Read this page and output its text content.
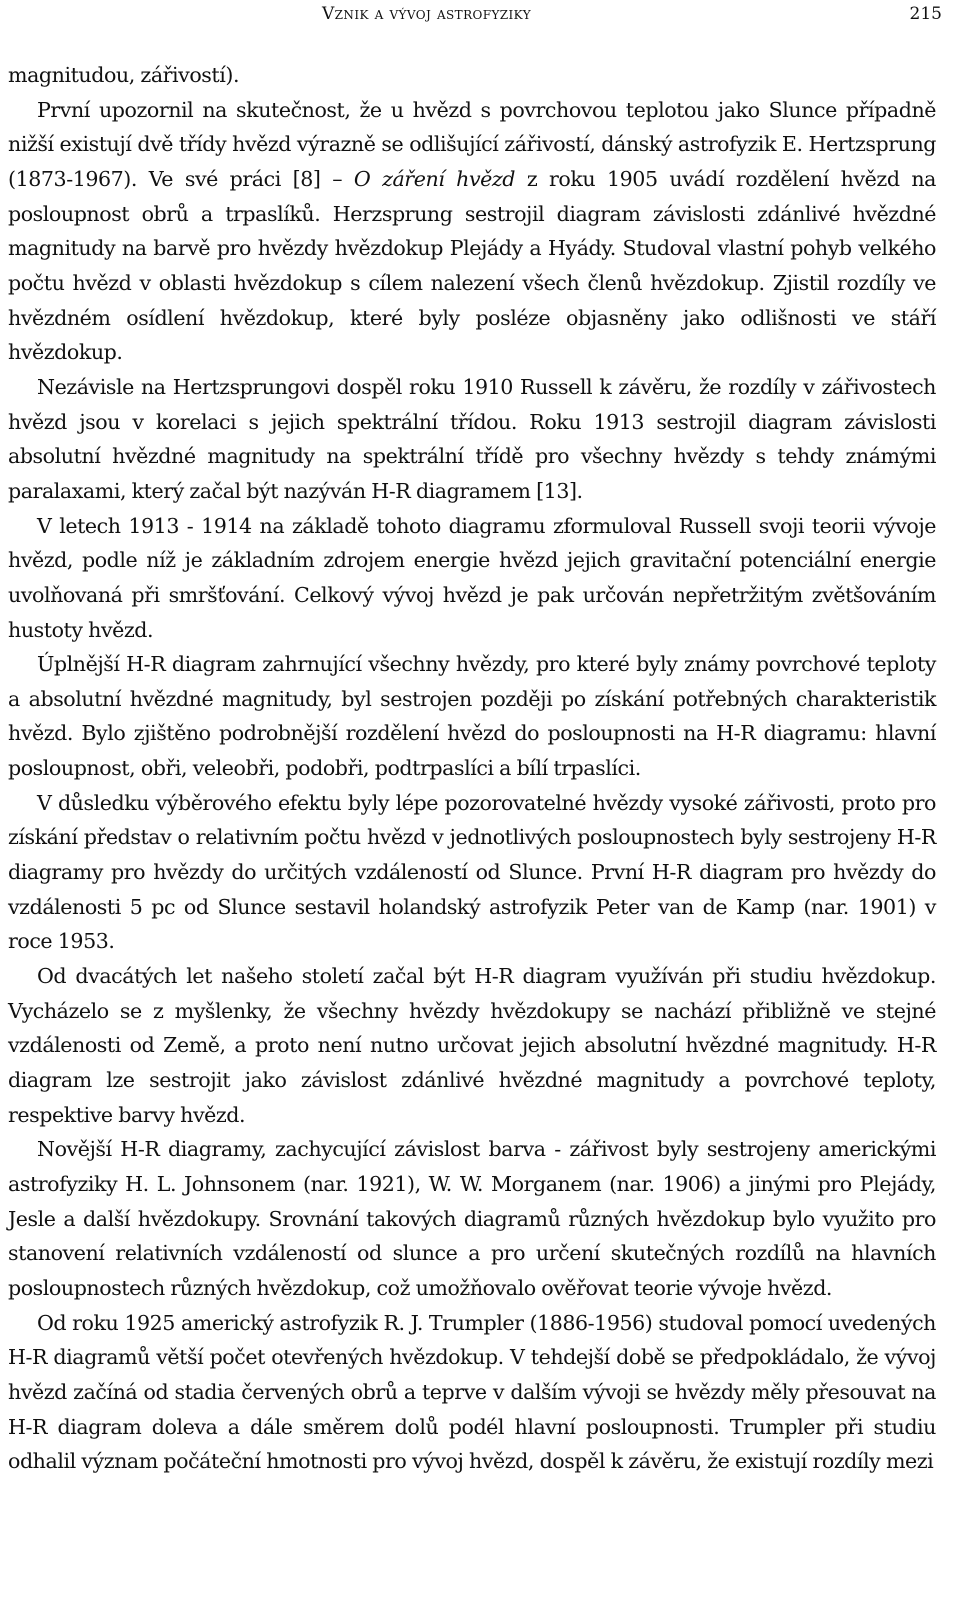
Vznik a vývoj astrofyziky	215

magnitudou, zářivostí).

První upozornil na skutečnost, že u hvězd s povrchovou teplotou jako Slunce případně nižší existují dvě třídy hvězd výrazně se odlišující zářivostí, dánský astrofyzik E. Hertzsprung (1873-1967). Ve své práci [8] – O záření hvězd z roku 1905 uvádí rozdělení hvězd na posloupnost obrů a trpaslíků. Herzsprung sestrojil diagram závislosti zdánlivé hvězdné magnitudy na barvě pro hvězdy hvězdokup Plejády a Hyády. Studoval vlastní pohyb velkého počtu hvězd v oblasti hvězdokup s cílem nalezení všech členů hvězdokup. Zjistil rozdíly ve hvězdném osídlení hvězdokup, které byly posléze objasněny jako odlišnosti ve stáří hvězdokup.

Nezávisle na Hertzsprungovi dospěl roku 1910 Russell k závěru, že rozdíly v zářivostech hvězd jsou v korelaci s jejich spektrální třídou. Roku 1913 sestrojil diagram závislosti absolutní hvězdné magnitudy na spektrální třídě pro všechny hvězdy s tehdy známými paralaxami, který začal být nazýván H-R diagramem [13].

V letech 1913 - 1914 na základě tohoto diagramu zformuloval Russell svoji teorii vývoje hvězd, podle níž je základním zdrojem energie hvězd jejich gravitační potenciální energie uvolňovaná při smršťování. Celkový vývoj hvězd je pak určován nepřetržitým zvětšováním hustoty hvězd.

Úplnější H-R diagram zahrnující všechny hvězdy, pro které byly známy povrchové teploty a absolutní hvězdné magnitudy, byl sestrojen později po získání potřebných charakteristik hvězd. Bylo zjištěno podrobnější rozdělení hvězd do posloupnosti na H-R diagramu: hlavní posloupnost, obři, veleobři, podobři, podtrpaslíci a bílí trpaslíci.

V důsledku výběrového efektu byly lépe pozorovatelné hvězdy vysoké zářivosti, proto pro získání představ o relativním počtu hvězd v jednotlivých posloupnostech byly sestrojeny H-R diagramy pro hvězdy do určitých vzdáleností od Slunce. První H-R diagram pro hvězdy do vzdálenosti 5 pc od Slunce sestavil holandský astrofyzik Peter van de Kamp (nar. 1901) v roce 1953.

Od dvacátých let našeho století začal být H-R diagram využíván při studiu hvězdokup. Vycházelo se z myšlenky, že všechny hvězdy hvězdokupy se nachází přibližně ve stejné vzdálenosti od Země, a proto není nutno určovat jejich absolutní hvězdné magnitudy. H-R diagram lze sestrojit jako závislost zdánlivé hvězdné magnitudy a povrchové teploty, respektive barvy hvězd.

Novější H-R diagramy, zachycující závislost barva - zářivost byly sestrojeny americkými astrofyziky H. L. Johnsonem (nar. 1921), W. W. Morganem (nar. 1906) a jinými pro Plejády, Jesle a další hvězdokupy. Srovnání takových diagramů různých hvězdokup bylo využito pro stanovení relativních vzdáleností od slunce a pro určení skutečných rozdílů na hlavních posloupnostech různých hvězdokup, což umožňovalo ověřovat teorie vývoje hvězd.

Od roku 1925 americký astrofyzik R. J. Trumpler (1886-1956) studoval pomocí uvedených H-R diagramů větší počet otevřených hvězdokup. V tehdejší době se předpokládalo, že vývoj hvězd začíná od stadia červených obrů a teprve v dalším vývoji se hvězdy měly přesouvat na H-R diagram doleva a dále směrem dolů podél hlavní posloupnosti. Trumpler při studiu odhalil význam počáteční hmotnosti pro vývoj hvězd, dospěl k závěru, že existují rozdíly mezi
